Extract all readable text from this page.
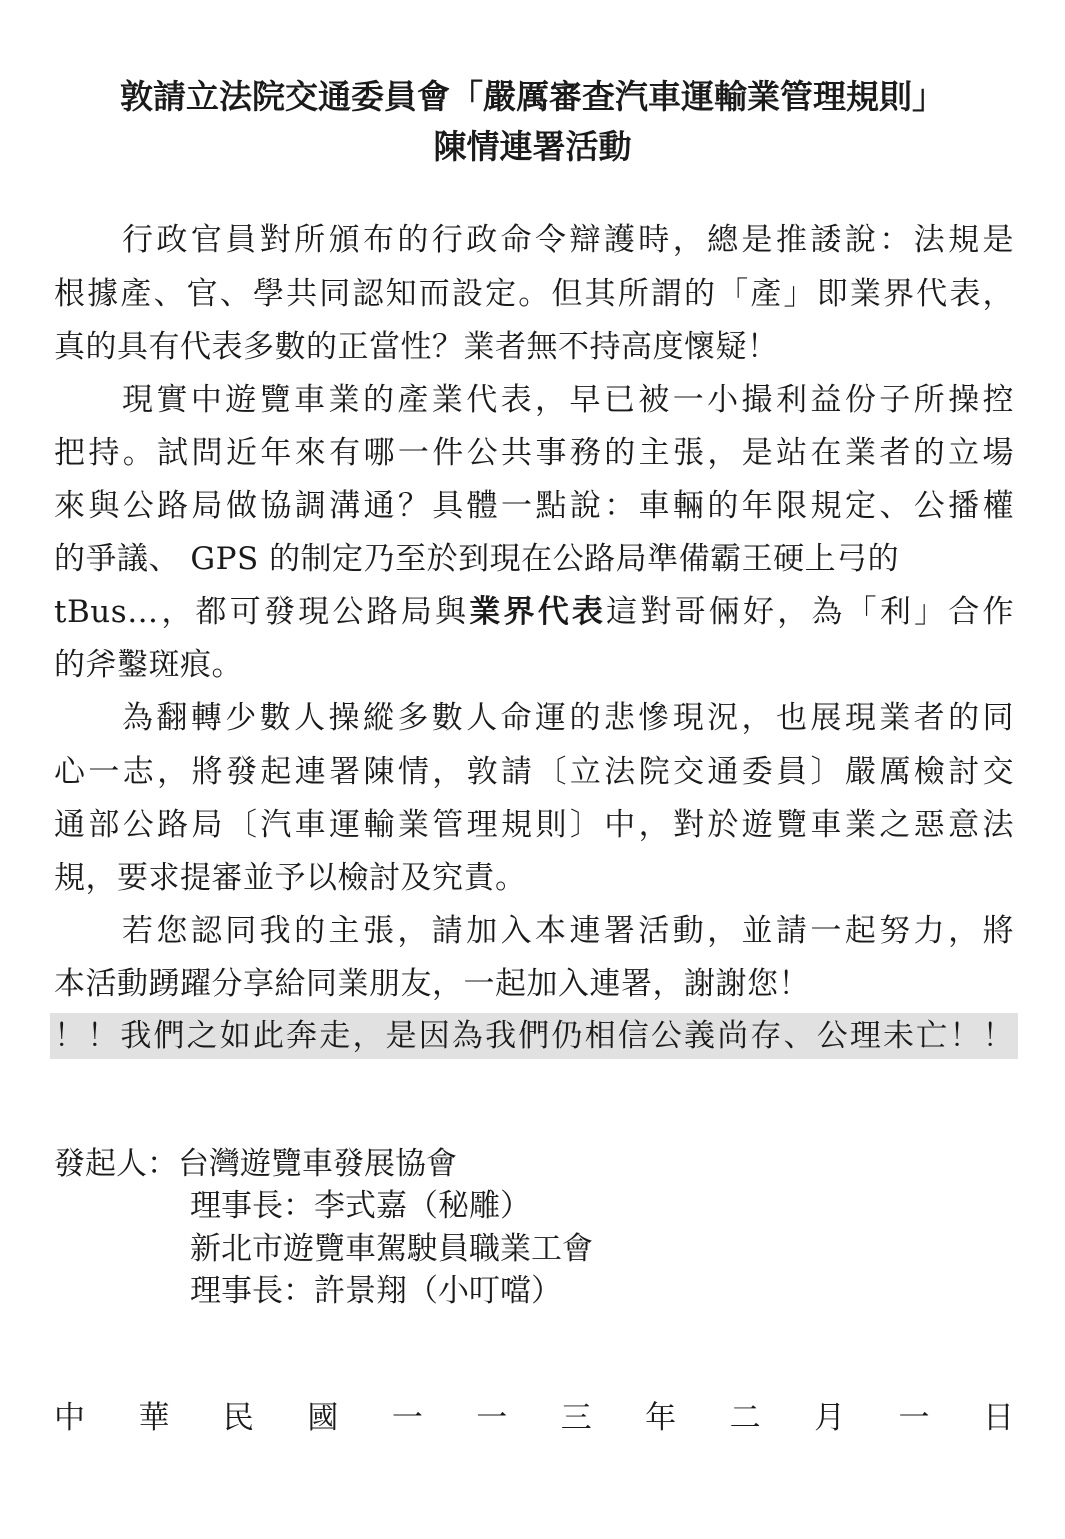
敦請立法院交通委員會「嚴厲審查汽車運輸業管理規則」
陳情連署活動
行政官員對所頒布的行政命令辯護時，總是推諉說：法規是
根據產、官、學共同認知而設定。但其所謂的「產」即業界代表，
真的具有代表多數的正當性？業者無不持高度懷疑！
現實中遊覽車業的產業代表，早已被一小撮利益份子所操控
把持。試問近年來有哪一件公共事務的主張，是站在業者的立場
來與公路局做協調溝通？具體一點說：車輛的年限規定、公播權
的爭議、 GPS 的制定乃至於到現在公路局準備霸王硬上弓的
tBus…，都可發現公路局與業界代表這對哥倆好，為「利」合作
的斧鑿斑痕。
為翻轉少數人操縱多數人命運的悲慘現況，也展現業者的同
心一志，將發起連署陳情，敦請〔立法院交通委員〕嚴厲檢討交
通部公路局〔汽車運輸業管理規則〕中，對於遊覽車業之惡意法
規，要求提審並予以檢討及究責。
若您認同我的主張，請加入本連署活動，並請一起努力，將
本活動踴躍分享給同業朋友，一起加入連署，謝謝您！
！！我們之如此奔走，是因為我們仍相信公義尚存、公理未亡！！
發起人：台灣遊覽車發展協會
理事長：李式嘉（秘雕）
新北市遊覽車駕駛員職業工會
理事長：許景翔（小叮噹）
中 華 民 國 一 一 三 年 二 月 一 日
